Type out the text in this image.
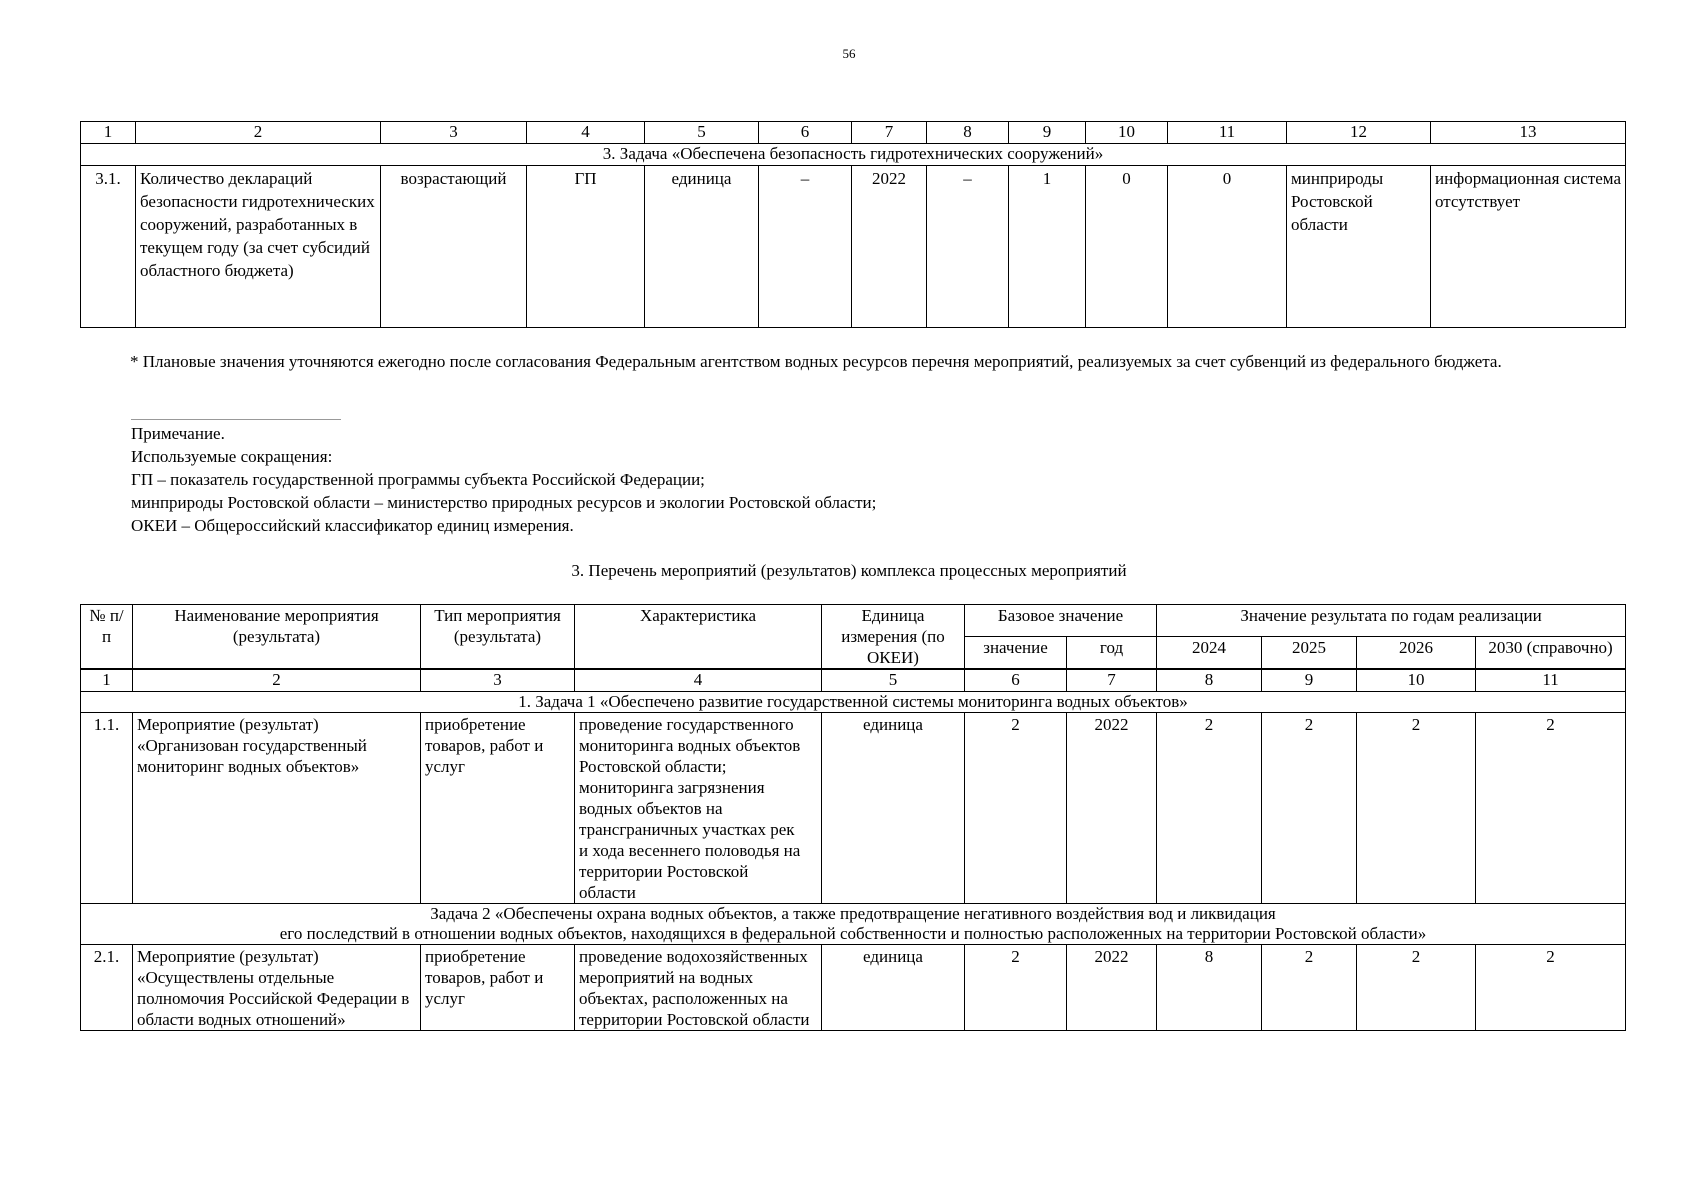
56
1	2	3	4	5	6	7	8	9	10	11	12	13
3. Задача «Обеспечена безопасность гидротехнических сооружений»												
3.1.	Количество деклараций безопасности гидротехнических сооружений, разработанных в текущем году (за счет субсидий областного бюджета)	возрастающий	ГП	единица	–	2022	–	1	0	0	минприроды Ростовской области	информационная система отсутствует
* Плановые значения уточняются ежегодно после согласования Федеральным агентством водных ресурсов перечня мероприятий, реализуемых за счет субвенций из федерального бюджета.
Примечание.
Используемые сокращения:
ГП – показатель государственной программы субъекта Российской Федерации;
минприроды Ростовской области – министерство природных ресурсов и экологии Ростовской области;
ОКЕИ – Общероссийский классификатор единиц измерения.
3. Перечень мероприятий (результатов) комплекса процессных мероприятий
№ п/п	Наименование мероприятия (результата)	Тип мероприятия (результата)	Характеристика	Единица измерения (по ОКЕИ)	Базовое значение		Значение результата по годам реализации			
					значение	год	2024	2025	2026	2030 (справочно)
1	2	3	4	5	6	7	8	9	10	11
1. Задача 1 «Обеспечено развитие государственной системы мониторинга водных объектов»										
1.1.	Мероприятие (результат) «Организован государственный мониторинг водных объектов»	приобретение товаров, работ и услуг	проведение государственного мониторинга водных объектов Ростовской области; мониторинга загрязнения водных объектов на трансграничных участках рек и хода весеннего половодья на территории Ростовской области	единица	2	2022	2	2	2	2

Задача 2 «Обеспечены охрана водных объектов, а также предотвращение негативного воздействия вод и ликвидация
его последствий в отношении водных объектов, находящихся в федеральной собственности и полностью расположенных на территории Ростовской области»										

2.1.	Мероприятие (результат) «Осуществлены отдельные полномочия Российской Федерации в области водных отношений»	приобретение товаров, работ и услуг	проведение водохозяйственных мероприятий на водных объектах, расположенных на территории Ростовской области	единица	2	2022	8	2	2	2
